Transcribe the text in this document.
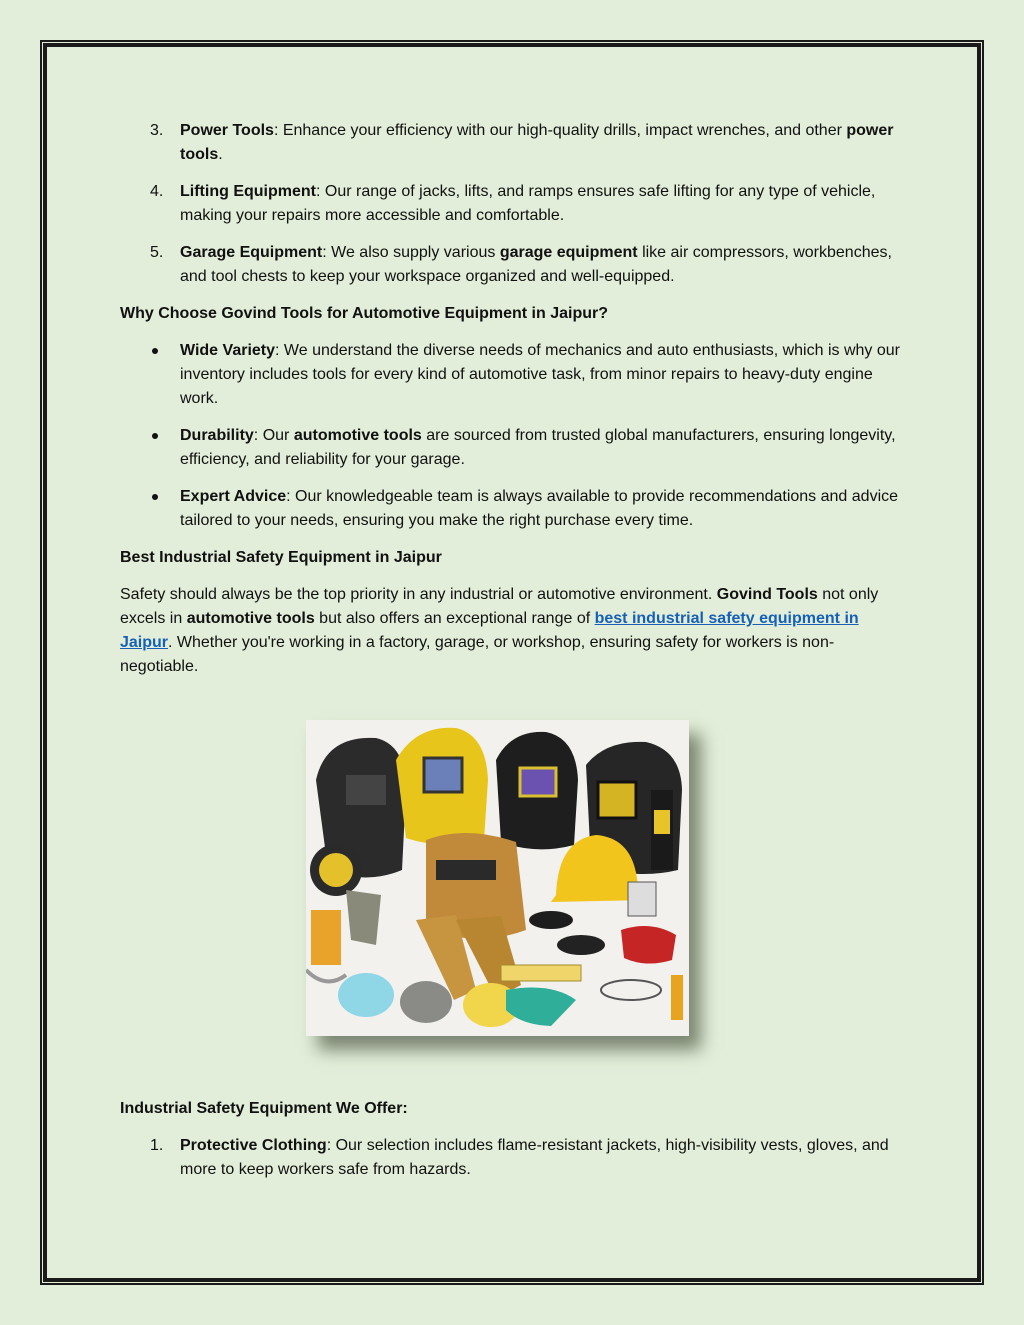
3.	Power Tools: Enhance your efficiency with our high-quality drills, impact wrenches, and other power tools.
4.	Lifting Equipment: Our range of jacks, lifts, and ramps ensures safe lifting for any type of vehicle, making your repairs more accessible and comfortable.
5.	Garage Equipment: We also supply various garage equipment like air compressors, workbenches, and tool chests to keep your workspace organized and well-equipped.
Why Choose Govind Tools for Automotive Equipment in Jaipur?
Wide Variety: We understand the diverse needs of mechanics and auto enthusiasts, which is why our inventory includes tools for every kind of automotive task, from minor repairs to heavy-duty engine work.
Durability: Our automotive tools are sourced from trusted global manufacturers, ensuring longevity, efficiency, and reliability for your garage.
Expert Advice: Our knowledgeable team is always available to provide recommendations and advice tailored to your needs, ensuring you make the right purchase every time.
Best Industrial Safety Equipment in Jaipur

Safety should always be the top priority in any industrial or automotive environment. Govind Tools not only excels in automotive tools but also offers an exceptional range of best industrial safety equipment in Jaipur. Whether you're working in a factory, garage, or workshop, ensuring safety for workers is non-negotiable.

Industrial Safety Equipment We Offer:
1.	Protective Clothing: Our selection includes flame-resistant jackets, high-visibility vests, gloves, and more to keep workers safe from hazards.
